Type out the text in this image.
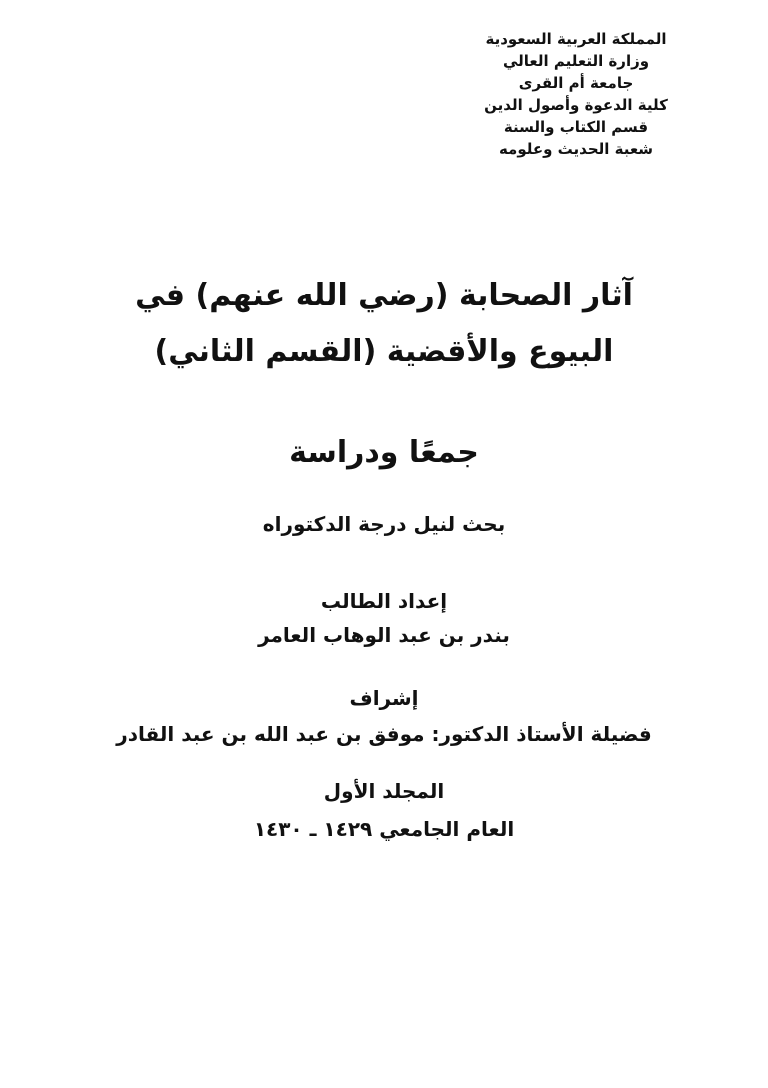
المملكة العربية السعودية
وزارة التعليم العالي
جامعة أم القرى
كلية الدعوة وأصول الدين
قسم الكتاب والسنة
شعبة الحديث وعلومه
آثار الصحابة (رضي الله عنهم) في
البيوع والأقضية (القسم الثاني)
جمعًا ودراسة
بحث لنيل درجة الدكتوراه
إعداد الطالب
بندر بن عبد الوهاب العامر
إشراف
فضيلة الأستاذ الدكتور: موفق بن عبد الله بن عبد القادر
المجلد الأول
العام الجامعي ١٤٢٩ ـ ١٤٣٠
